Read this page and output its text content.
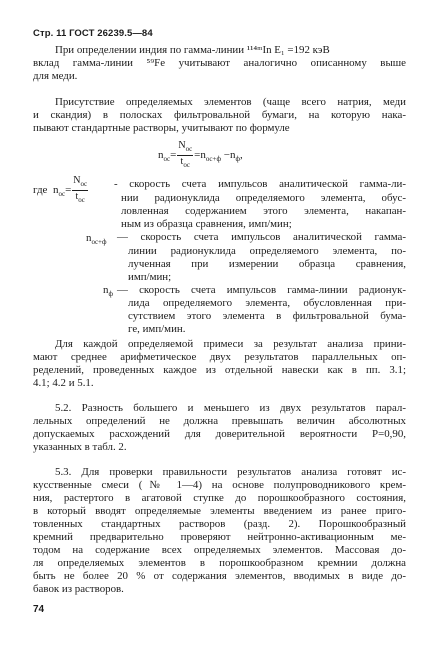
Стр. 11 ГОСТ 26239.5—84
При определении индия по гамма-линии ¹¹⁴ᵐIn E₁ =192 кэВ
вклад гамма-линии ⁵⁹Fe учитывают аналогично описанному выше
для меди.
Присутствие определяемых элементов (чаще всего натрия, меди
и скандия) в полосках фильтровальной бумаги, на которую нака-
пывают стандартные растворы, учитывают по формуле
$n_{oc}= \frac{N_{oc}}{t_{oc}} =n_{oc+ф} -n_ф$,
где $n_{oc}= \frac{N_{oc}}{t_{oc}}$ - скорость счета импульсов аналитической гамма-ли-
нии радионуклида определяемого элемента, обус-
ловленная содержанием этого элемента, накапан-
ным из образца сравнения, имп/мин;
$n_{oc+ф}$ — скорость счета импульсов аналитической гамма-
линии радионуклида определяемого элемента, по-
лученная при измерении образца сравнения,
имп/мин;
$n_ф$ — скорость счета импульсов гамма-линии радионук-
лида определяемого элемента, обусловленная при-
сутствием этого элемента в фильтровальной бума-
ге, имп/мин.
Для каждой определяемой примеси за результат анализа прини-
мают среднее арифметическое двух результатов параллельных оп-
ределений, проведенных каждое из отдельной навески как в пп. 3.1;
4.1; 4.2 и 5.1.
5.2. Разность большего и меньшего из двух результатов парал-
лельных определений не должна превышать величин абсолютных
допускаемых расхождений для доверительной вероятности P=0,90,
указанных в табл. 2.
5.3. Для проверки правильности результатов анализа готовят ис-
кусственные смеси (№ 1—4) на основе полупроводникового крем-
ния, растертого в агатовой ступке до порошкообразного состояния,
в который вводят определяемые элементы введением из ранее приго-
товленных стандартных растворов (разд. 2). Порошкообразный
кремний предварительно проверяют нейтронно-активационным ме-
тодом на содержание всех определяемых элементов. Массовая до-
ля определяемых элементов в порошкообразном кремнии должна
быть не более 20 % от содержания элементов, вводимых в виде до-
бавок из растворов.
74
